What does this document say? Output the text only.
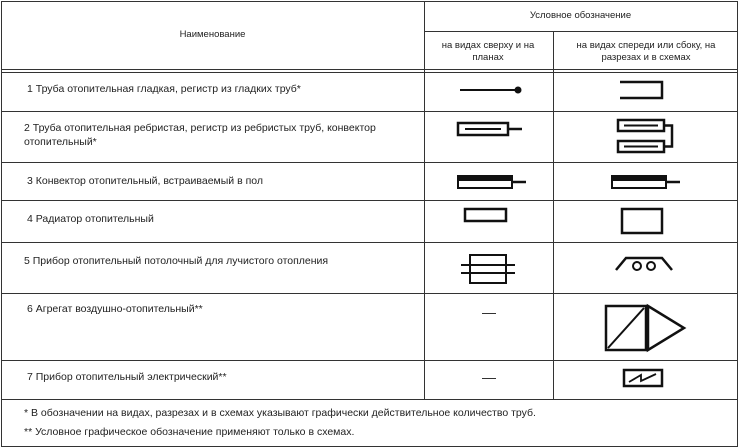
Наименование
Условное обозначение
на видах сверху и на планах
на видах спереди или сбоку, на разрезах и в схемах
1 Труба отопительная гладкая, регистр из гладких труб*
2 Труба отопительная ребристая, регистр из ребристых труб, конвектор отопительный*
3 Конвектор отопительный, встраиваемый в пол
4 Радиатор отопительный
5 Прибор отопительный потолочный для лучистого отопления
6 Агрегат воздушно-отопительный**
7 Прибор отопительный электрический**
—
—
* В обозначении на видах, разрезах и в схемах указывают графически действительное количество труб.
** Условное графическое обозначение применяют только в схемах.
